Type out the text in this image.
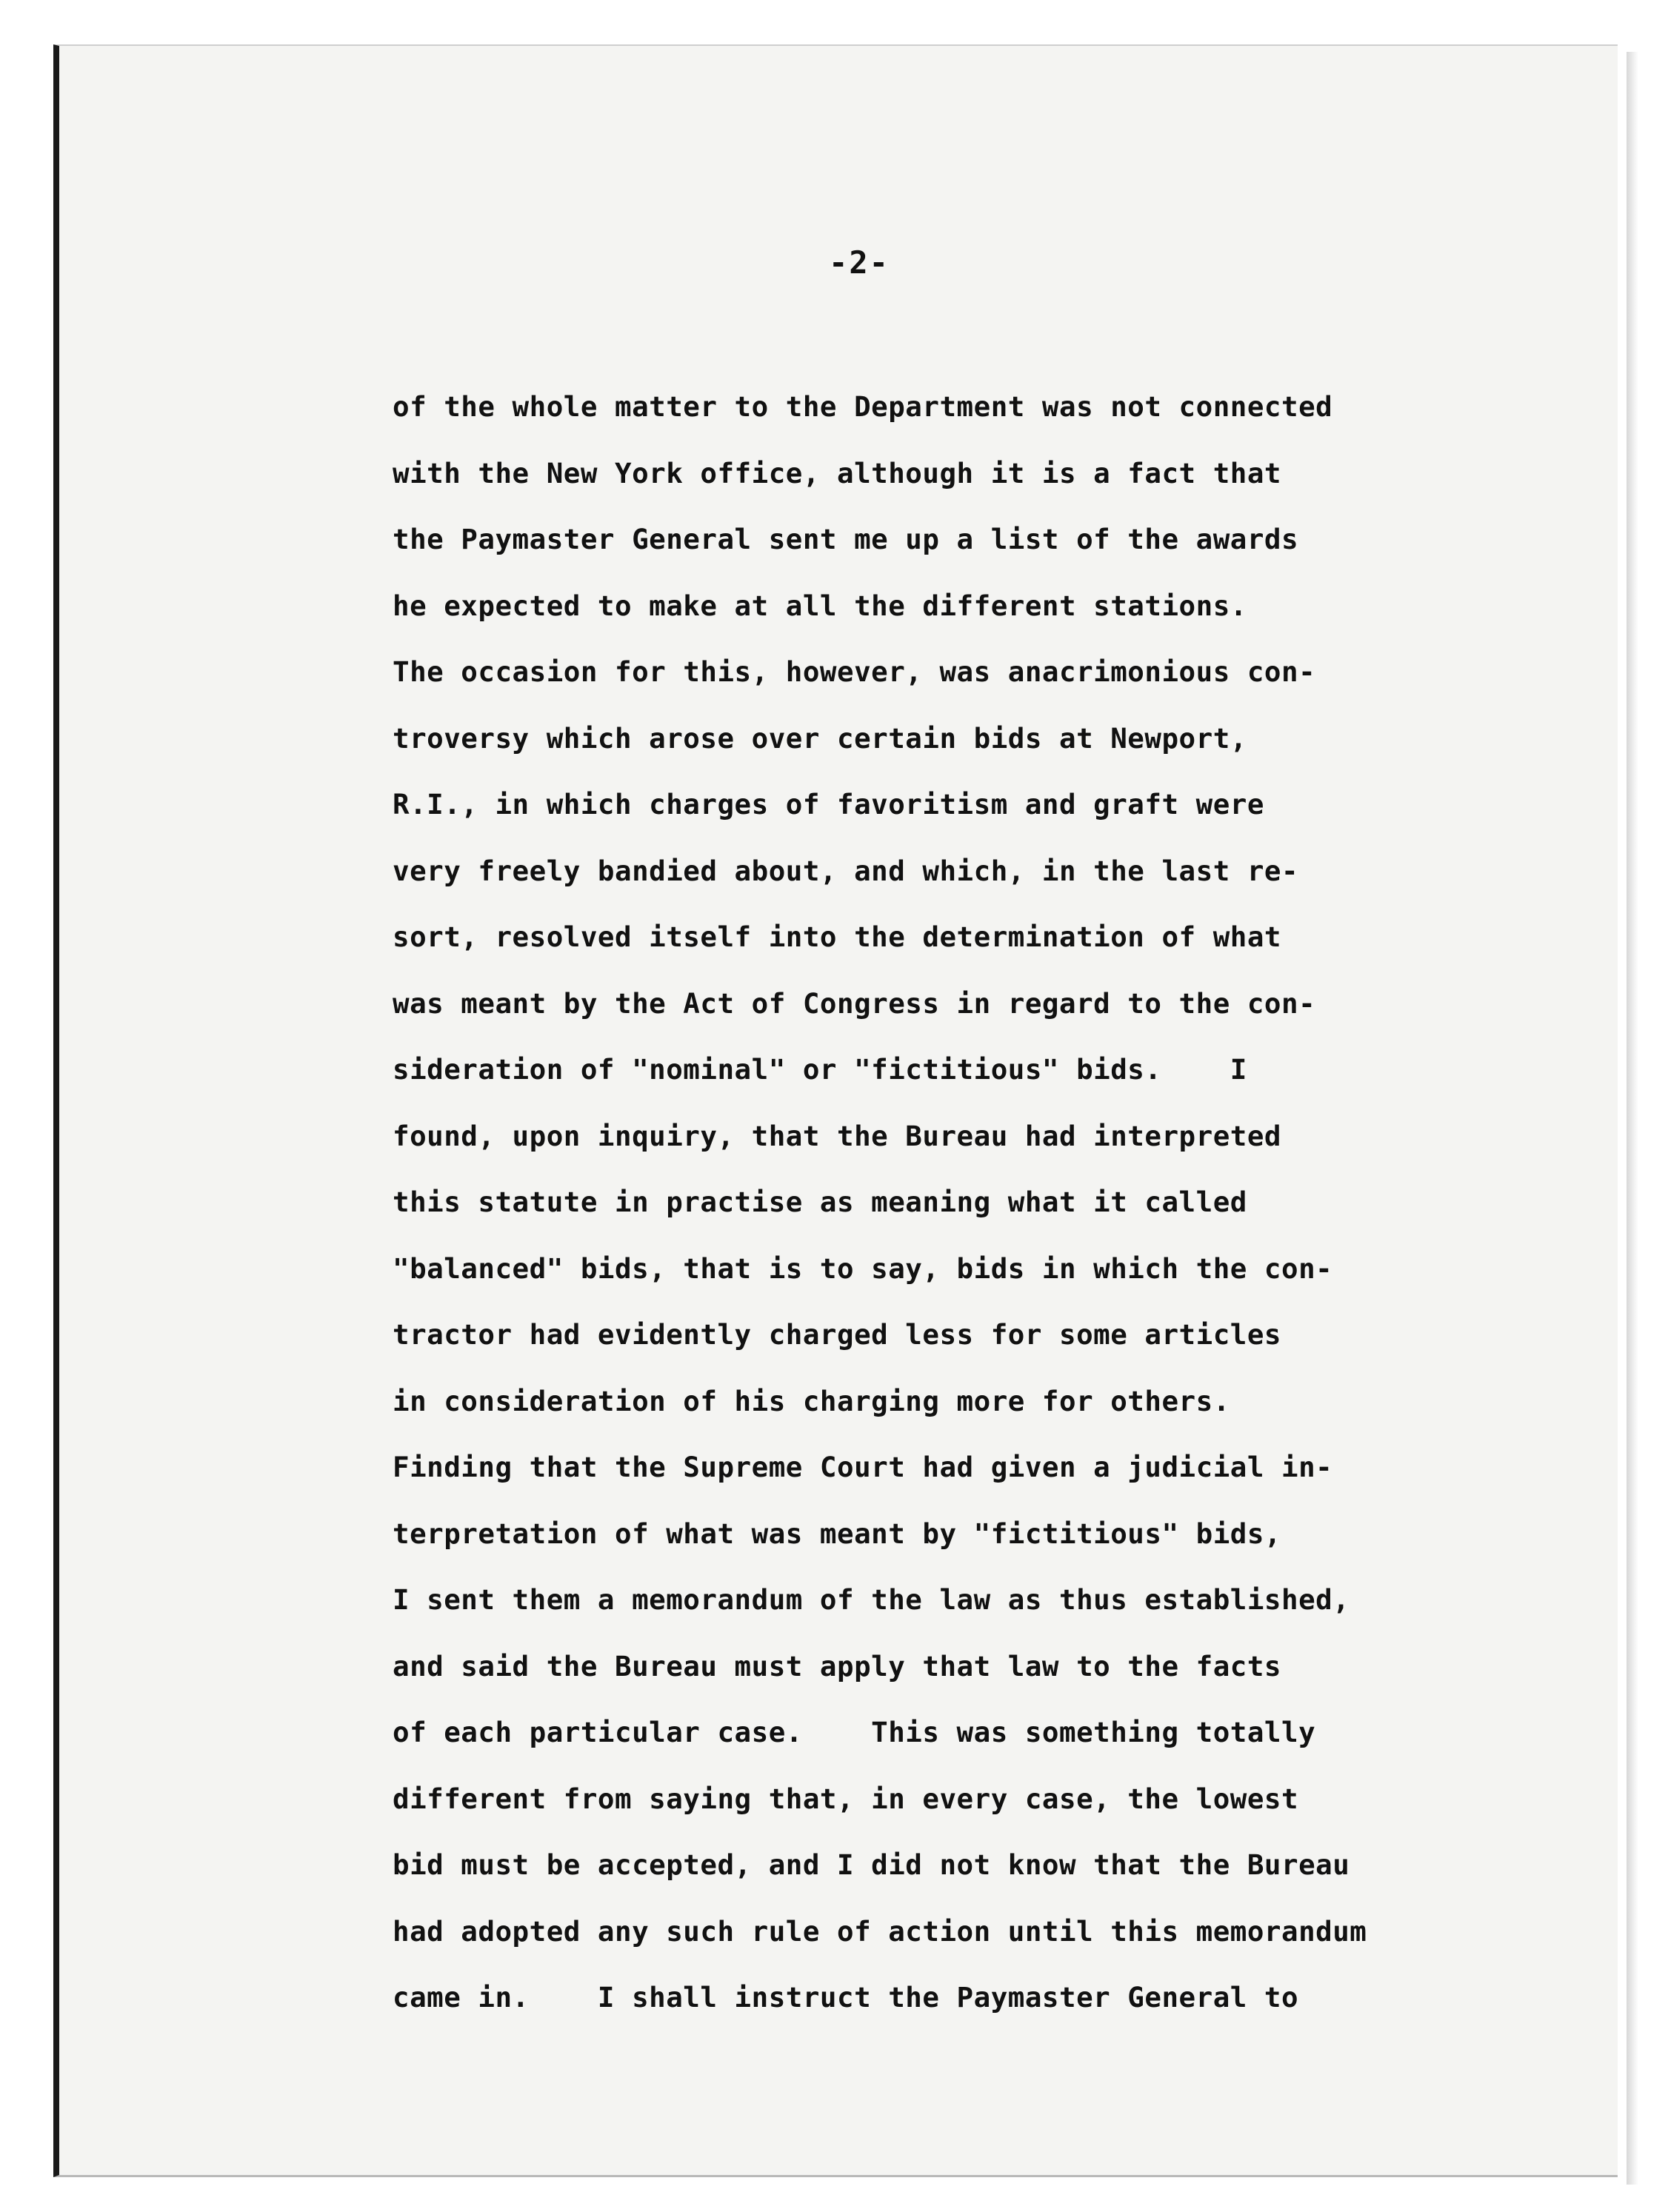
-2-
of the whole matter to the Department was not connected
with the New York office, although it is a fact that
the Paymaster General sent me up a list of the awards
he expected to make at all the different stations.
The occasion for this, however, was anacrimonious con-
troversy which arose over certain bids at Newport,
R.I., in which charges of favoritism and graft were
very freely bandied about, and which, in the last re-
sort, resolved itself into the determination of what
was meant by the Act of Congress in regard to the con-
sideration of "nominal" or "fictitious" bids.    I
found, upon inquiry, that the Bureau had interpreted
this statute in practise as meaning what it called
"balanced" bids, that is to say, bids in which the con-
tractor had evidently charged less for some articles
in consideration of his charging more for others.
Finding that the Supreme Court had given a judicial in-
terpretation of what was meant by "fictitious" bids,
I sent them a memorandum of the law as thus established,
and said the Bureau must apply that law to the facts
of each particular case.    This was something totally
different from saying that, in every case, the lowest
bid must be accepted, and I did not know that the Bureau
had adopted any such rule of action until this memorandum
came in.    I shall instruct the Paymaster General to
